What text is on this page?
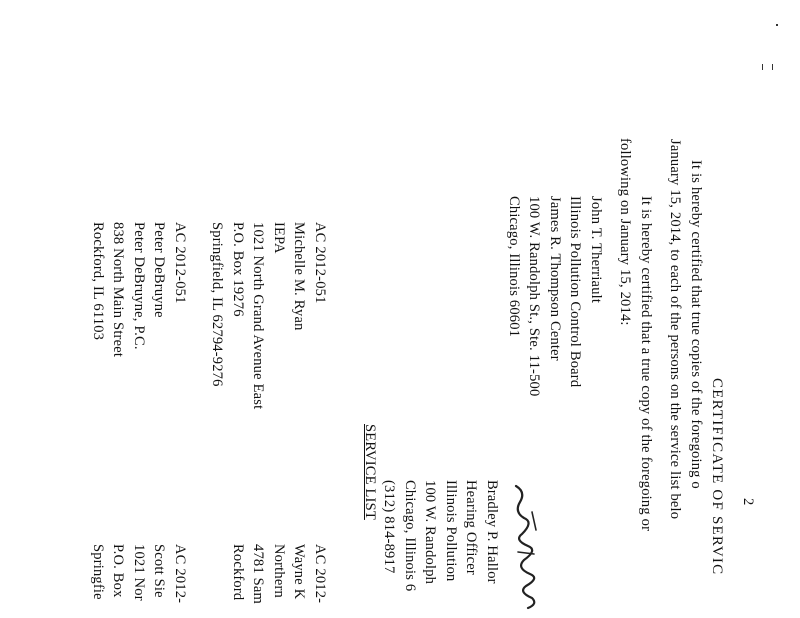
2
CERTIFICATE OF SERVIC
It is hereby certified that true copies of the foregoing o
January 15, 2014, to each of the persons on the service list belo
It is hereby certified that a true copy of the foregoing or
following on January 15, 2014:
John T. Therriault
Illinois Pollution Control Board
James R. Thompson Center
100 W. Randolph St., Ste. 11-500
Chicago, Illinois 60601
Bradley P. Hallor
Hearing Officer
Illinois Pollution
100 W. Randolph
Chicago, Illinois 6
(312) 814-8917
SERVICE LIST
AC 2012-051
Michelle M. Ryan
IEPA
1021 North Grand Avenue East
P.O. Box 19276
Springfield, IL 62794-9276
AC 2012-
Wayne K
Northern
4781 Sam
Rockford
AC 2012-051
Peter DeBruyne
Peter DeBruyne, P.C.
838 North Main Street
Rockford, IL 61103
AC 2012-
Scott Sie
1021 Nor
P.O. Box
Springfie
